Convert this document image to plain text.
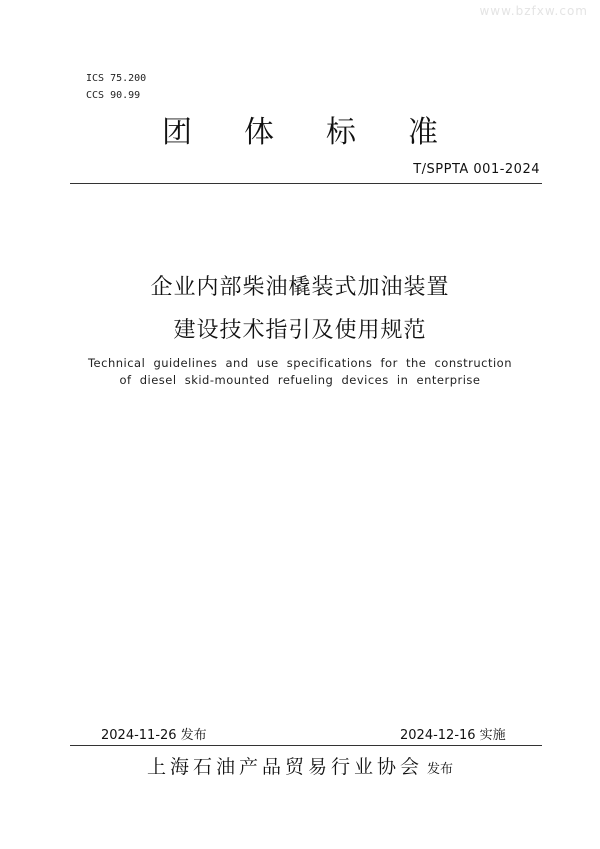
www.bzfxw.com
ICS 75.200
CCS 90.99
团 体 标 准
T/SPPTA 001-2024
企业内部柴油橇装式加油装置
建设技术指引及使用规范
Technical guidelines and use specifications for the construction
of diesel skid-mounted refueling devices in enterprise
2024-11-26 发布	2024-12-16 实施
上海石油产品贸易行业协会 发布
